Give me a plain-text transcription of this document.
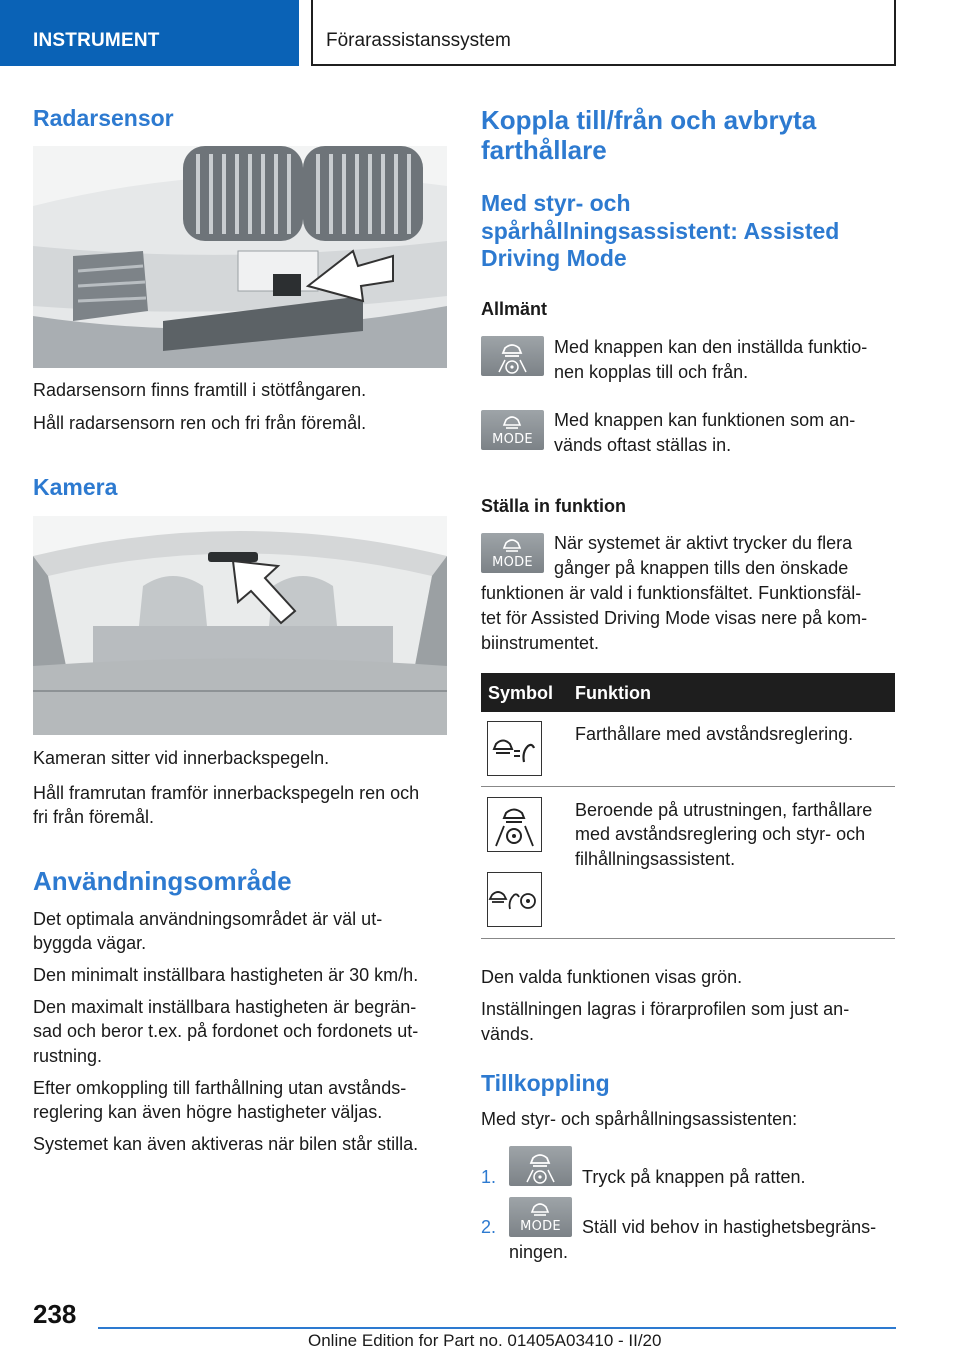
INSTRUMENT	Förarassistanssystem
Radarsensor
Radarsensorn finns framtill i stötfångaren.
Håll radarsensorn ren och fri från föremål.
Kamera
Kameran sitter vid innerbackspegeln.
Håll framrutan framför innerbackspegeln ren och
fri från föremål.
Användningsområde
Det optimala användningsområdet är väl ut-
byggda vägar.
Den minimalt inställbara hastigheten är 30 km/h.
Den maximalt inställbara hastigheten är begrän-
sad och beror t.ex. på fordonet och fordonets ut-
rustning.
Efter omkoppling till farthållning utan avstånds-
reglering kan även högre hastigheter väljas.
Systemet kan även aktiveras när bilen står stilla.
Koppla till/från och avbryta
farthållare
Med styr- och
spårhållningsassistent: Assisted
Driving Mode
Allmänt
Med knappen kan den inställda funktio-
nen kopplas till och från.
MODE
Med knappen kan funktionen som an-
vänds oftast ställas in.
Ställa in funktion
MODE
När systemet är aktivt trycker du flera
gånger på knappen tills den önskade
funktionen är vald i funktionsfältet. Funktionsfäl-
tet för Assisted Driving Mode visas nere på kom-
biinstrumentet.
Symbol Funktion
Farthållare med avståndsreglering.
Beroende på utrustningen, farthållare
med avståndsreglering och styr- och
filhållningsassistent.
Den valda funktionen visas grön.
Inställningen lagras i förarprofilen som just an-
vänds.
Tillkoppling
Med styr- och spårhållningsassistenten:
1.	Tryck på knappen på ratten.
2.	MODE	Ställ vid behov in hastighetsbegräns-
ningen.
238
Online Edition for Part no. 01405A03410 - II/20
